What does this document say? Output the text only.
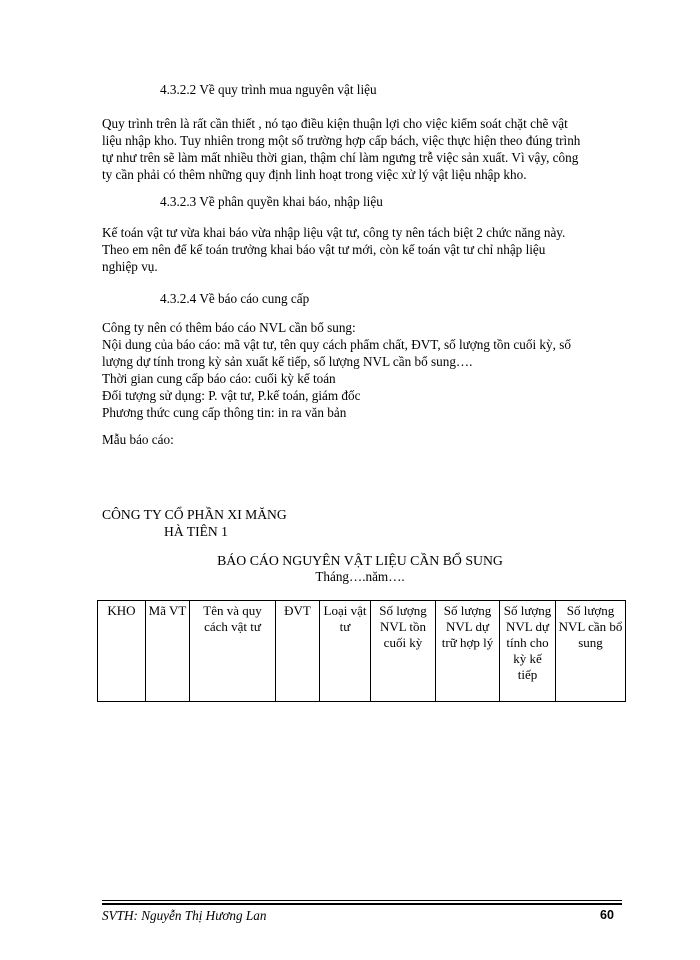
4.3.2.2 Về quy trình mua nguyên vật liệu
Quy trình trên là rất cần thiết , nó tạo điều kiện thuận lợi cho việc kiểm soát chặt chẽ vật
liệu nhập kho. Tuy nhiên trong một số trường hợp cấp bách, việc thực hiện theo đúng trình
tự như trên sẽ làm mất nhiều thời gian, thậm chí làm ngưng trễ việc sản xuất. Vì vậy, công
ty cần phải có thêm những quy định linh hoạt trong việc xử lý vật liệu nhập kho.
4.3.2.3 Về phân quyền khai báo, nhập liệu
Kế toán vật tư vừa khai báo vừa nhập liệu vật tư, công ty nên tách biệt 2 chức năng này.
Theo em nên để kế toán trưởng khai báo vật tư mới, còn kế toán vật tư chỉ nhập liệu
nghiệp vụ.
4.3.2.4 Về báo cáo cung cấp
Công ty nên có thêm báo cáo NVL cần bổ sung:
Nội dung của báo cáo: mã vật tư, tên quy cách phẩm chất, ĐVT, số lượng tồn cuối kỳ, số
lượng dự tính trong kỳ sản xuất kế tiếp, số lượng NVL cần bổ sung….
Thời gian cung cấp báo cáo: cuối kỳ kế toán
Đối tượng sử dụng: P. vật tư, P.kế toán, giám đốc
Phương thức cung cấp thông tin: in ra văn bản
Mẫu báo cáo:
CÔNG TY CỔ PHẦN XI MĂNG
HÀ TIÊN 1
BÁO CÁO NGUYÊN VẬT LIỆU CẦN BỔ SUNG
Tháng….năm….
KHO	Mã VT	Tên và quy cách vật tư	ĐVT	Loại vật tư	Số lượng NVL tồn cuối kỳ	Số lượng NVL dự trữ hợp lý	Số lượng NVL dự tính cho kỳ kế tiếp	Số lượng NVL cần bổ sung
SVTH: Nguyễn Thị Hương Lan	60
